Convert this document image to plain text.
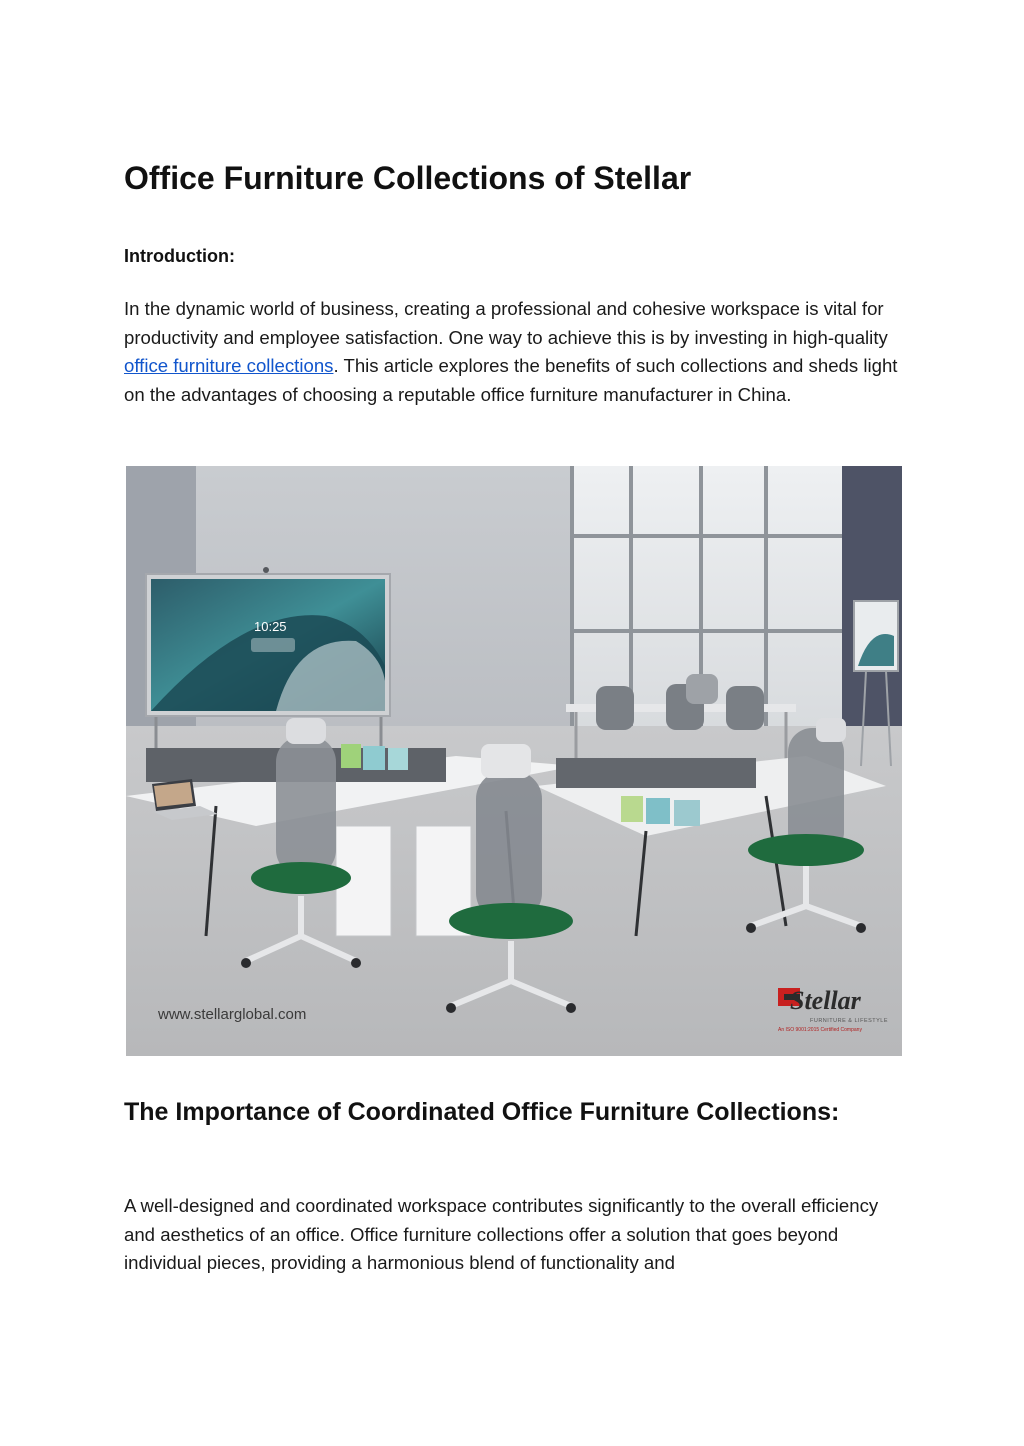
Office Furniture Collections of Stellar
Introduction:

In the dynamic world of business, creating a professional and cohesive workspace is vital for productivity and employee satisfaction. One way to achieve this is by investing in high-quality office furniture collections. This article explores the benefits of such collections and sheds light on the advantages of choosing a reputable office furniture manufacturer in China.

10:25
www.stellarglobal.com	Stellar
FURNITURE & LIFESTYLE
An ISO 9001:2015 Certified Company
The Importance of Coordinated Office Furniture Collections:

A well-designed and coordinated workspace contributes significantly to the overall efficiency and aesthetics of an office. Office furniture collections offer a solution that goes beyond individual pieces, providing a harmonious blend of functionality and
